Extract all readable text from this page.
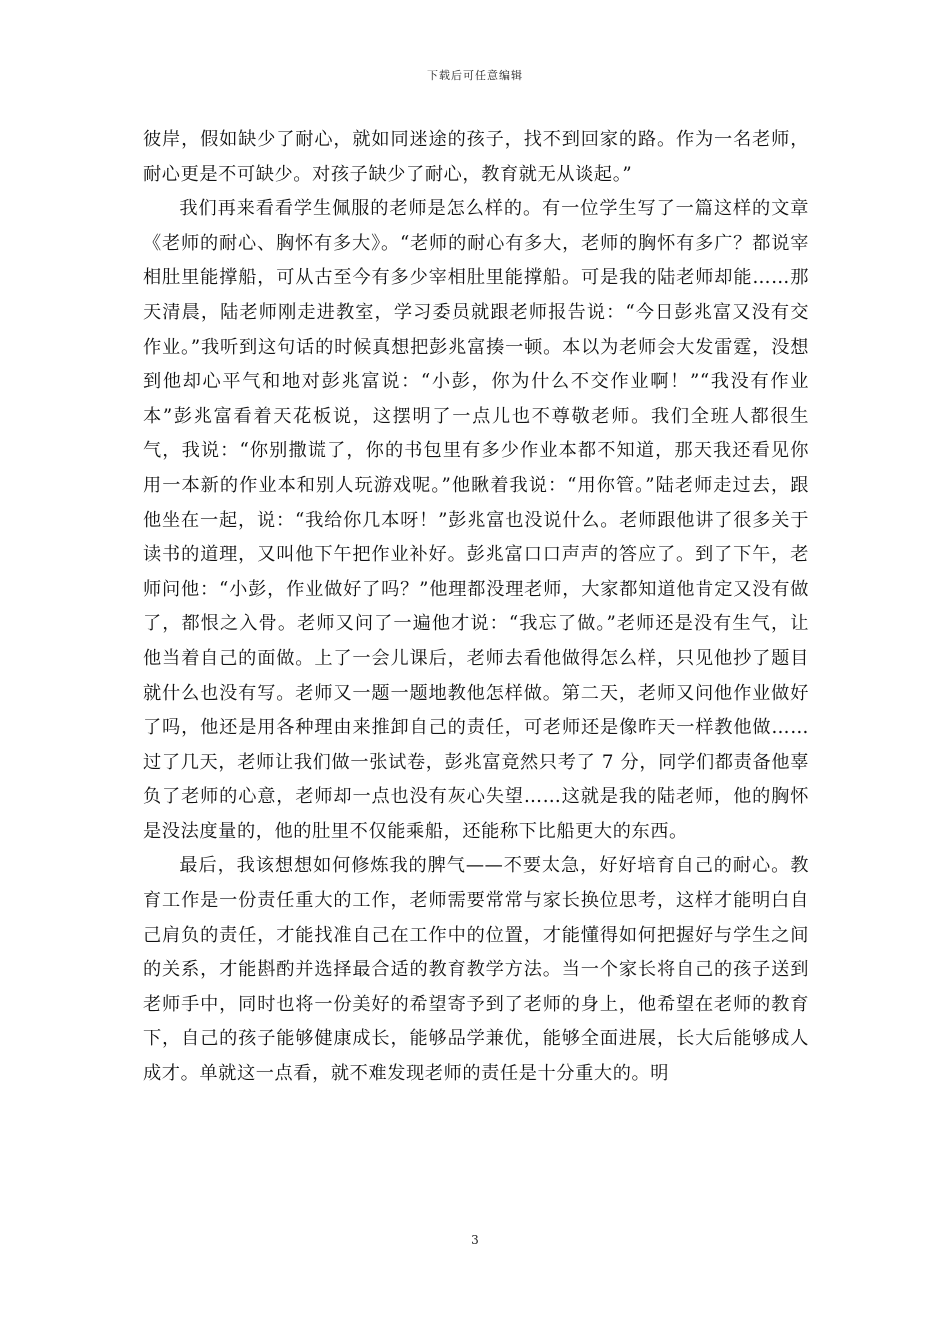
下载后可任意编辑

彼岸，假如缺少了耐心，就如同迷途的孩子，找不到回家的路。作为一名老师，耐心更是不可缺少。对孩子缺少了耐心，教育就无从谈起。”

我们再来看看学生佩服的老师是怎么样的。有一位学生写了一篇这样的文章《老师的耐心、胸怀有多大》。“老师的耐心有多大，老师的胸怀有多广？都说宰相肚里能撑船，可从古至今有多少宰相肚里能撑船。可是我的陆老师却能……那天清晨，陆老师刚走进教室，学习委员就跟老师报告说：“今日彭兆富又没有交作业。”我听到这句话的时候真想把彭兆富揍一顿。本以为老师会大发雷霆，没想到他却心平气和地对彭兆富说：“小彭，你为什么不交作业啊！”“我没有作业本”彭兆富看着天花板说，这摆明了一点儿也不尊敬老师。我们全班人都很生气，我说：“你别撒谎了，你的书包里有多少作业本都不知道，那天我还看见你用一本新的作业本和别人玩游戏呢。”他瞅着我说：“用你管。”陆老师走过去，跟他坐在一起，说：“我给你几本呀！”彭兆富也没说什么。老师跟他讲了很多关于读书的道理，又叫他下午把作业补好。彭兆富口口声声的答应了。到了下午，老师问他：“小彭，作业做好了吗？”他理都没理老师，大家都知道他肯定又没有做了，都恨之入骨。老师又问了一遍他才说：“我忘了做。”老师还是没有生气，让他当着自己的面做。上了一会儿课后，老师去看他做得怎么样，只见他抄了题目就什么也没有写。老师又一题一题地教他怎样做。第二天，老师又问他作业做好了吗，他还是用各种理由来推卸自己的责任，可老师还是像昨天一样教他做……过了几天，老师让我们做一张试卷，彭兆富竟然只考了 7 分，同学们都责备他辜负了老师的心意，老师却一点也没有灰心失望……这就是我的陆老师，他的胸怀是没法度量的，他的肚里不仅能乘船，还能称下比船更大的东西。

最后，我该想想如何修炼我的脾气——不要太急，好好培育自己的耐心。教育工作是一份责任重大的工作，老师需要常常与家长换位思考，这样才能明白自己肩负的责任，才能找准自己在工作中的位置，才能懂得如何把握好与学生之间的关系，才能斟酌并选择最合适的教育教学方法。当一个家长将自己的孩子送到老师手中，同时也将一份美好的希望寄予到了老师的身上，他希望在老师的教育下，自己的孩子能够健康成长，能够品学兼优，能够全面进展，长大后能够成人成才。单就这一点看，就不难发现老师的责任是十分重大的。明

3
